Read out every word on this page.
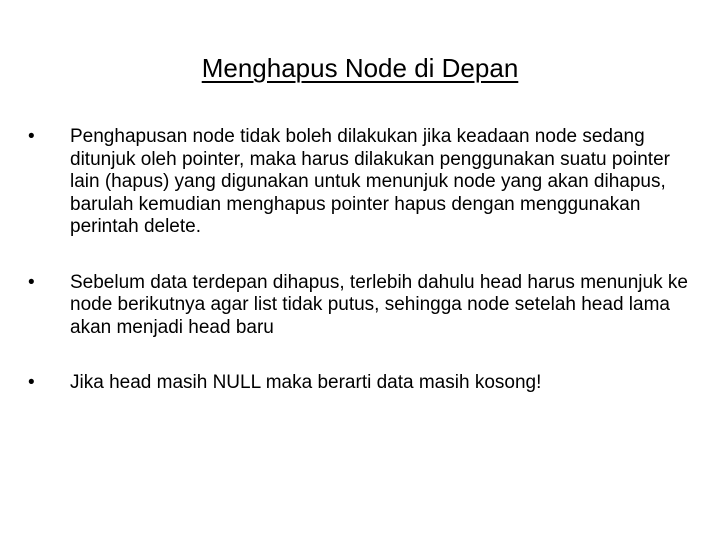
Menghapus Node di Depan
•	Penghapusan node tidak boleh dilakukan jika keadaan node sedang ditunjuk oleh pointer, maka harus dilakukan penggunakan suatu pointer lain (hapus) yang digunakan untuk menunjuk node yang akan dihapus, barulah kemudian menghapus pointer hapus dengan menggunakan perintah delete.
•	Sebelum data terdepan dihapus, terlebih dahulu head harus menunjuk ke node berikutnya agar list tidak putus, sehingga node setelah head lama akan menjadi head baru
•	Jika head masih NULL maka berarti data masih kosong!
